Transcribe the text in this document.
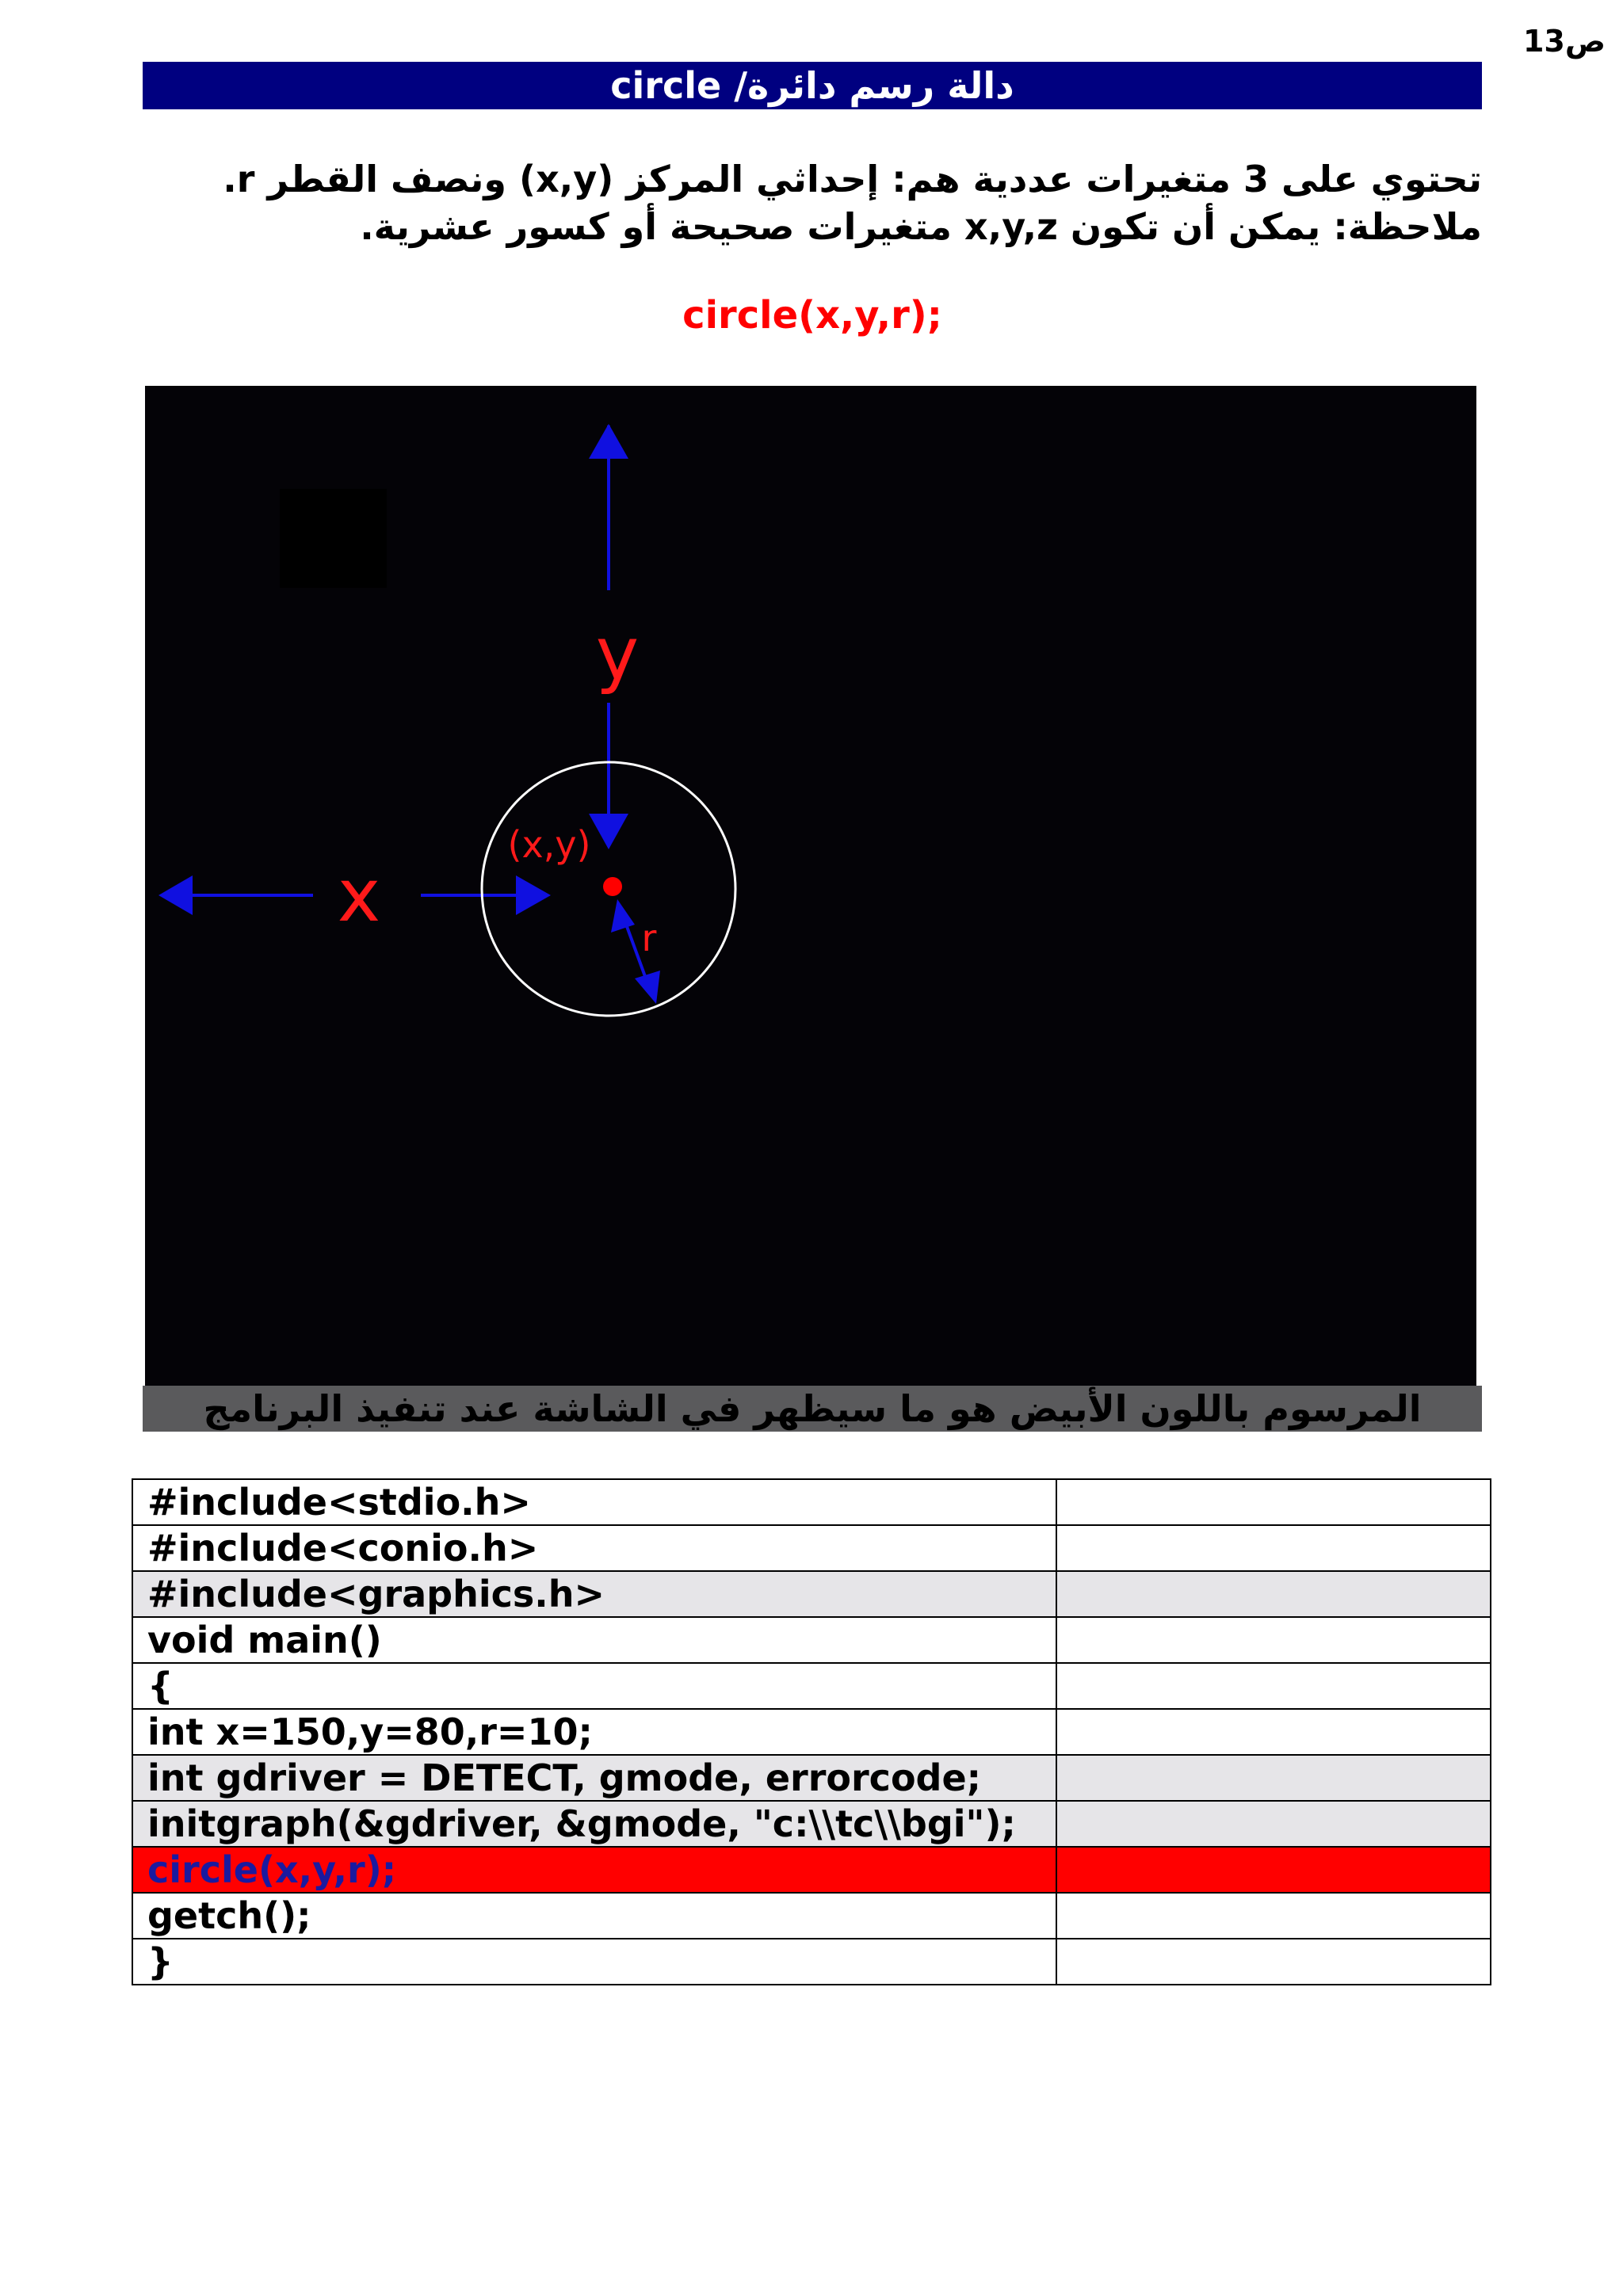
ص13
دالة رسم دائرة/ circle
تحتوي على 3 متغيرات عددية هم: إحداثي المركز (x,y) ونصف القطر r.
ملاحظة: يمكن أن تكون x,y,z متغيرات صحيحة أو كسور عشرية.
circle(x,y,r);
y
x
(x,y)
r
المرسوم باللون الأبيض هو ما سيظهر في الشاشة عند تنفيذ البرنامج
#include<stdio.h>	
#include<conio.h>	
#include<graphics.h>	
void main()	
{	
int x=150,y=80,r=10;	
int gdriver = DETECT, gmode, errorcode;	
initgraph(&gdriver, &gmode, "c:\\tc\\bgi");	
circle(x,y,r);	
getch();	
}	
